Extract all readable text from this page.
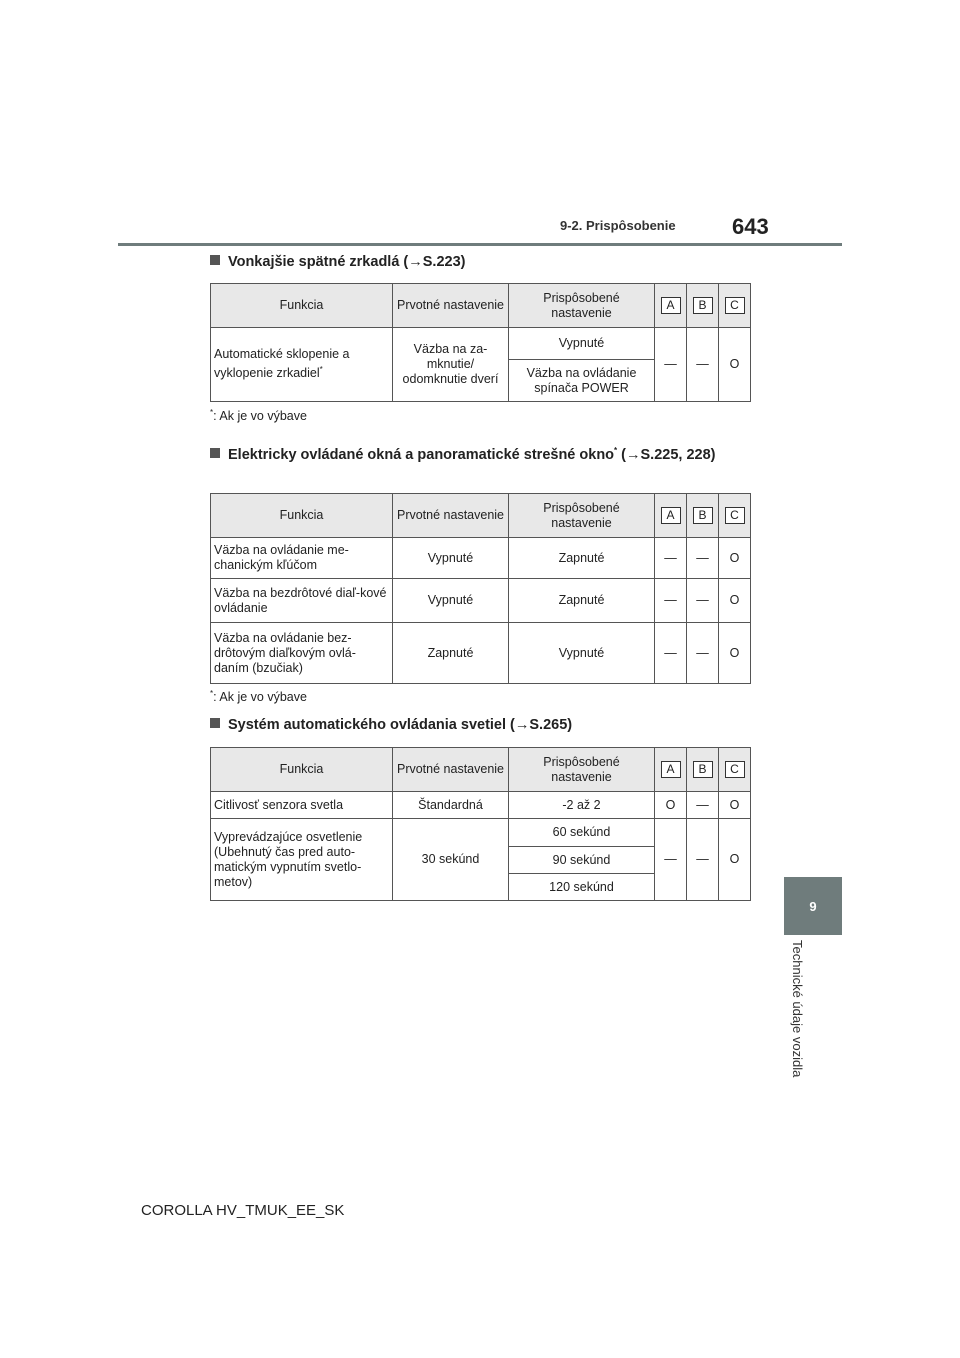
9-2. Prispôsobenie	643
9
Technické údaje vozidla
Vonkajšie spätné zrkadlá (→S.223)
Funkcia	Prvotné nastavenie	Prispôsobené nastavenie	A	B	C
Automatické sklopenie a vyklopenie zrkadiel*	Väzba na za-mknutie/ odomknutie dverí	Vypnuté	—	—	O
		Väzba na ovládanie spínača POWER			
*: Ak je vo výbave
Elektricky ovládané okná a panoramatické strešné okno* (→S.225, 228)
Funkcia	Prvotné nastavenie	Prispôsobené nastavenie	A	B	C
Väzba na ovládanie me-chanickým kľúčom	Vypnuté	Zapnuté	—	—	O
Väzba na bezdrôtové diaľ-kové ovládanie	Vypnuté	Zapnuté	—	—	O
Väzba na ovládanie bez-drôtovým diaľkovým ovlá-daním (bzučiak)	Zapnuté	Vypnuté	—	—	O
*: Ak je vo výbave
Systém automatického ovládania svetiel (→S.265)
Funkcia	Prvotné nastavenie	Prispôsobené nastavenie	A	B	C
Citlivosť senzora svetla	Štandardná	-2 až 2	O	—	O
Vyprevádzajúce osvetlenie (Ubehnutý čas pred auto-matickým vypnutím svetlo-metov)	30 sekúnd	60 sekúnd	—	—	O
		90 sekúnd			
		120 sekúnd			
COROLLA HV_TMUK_EE_SK
